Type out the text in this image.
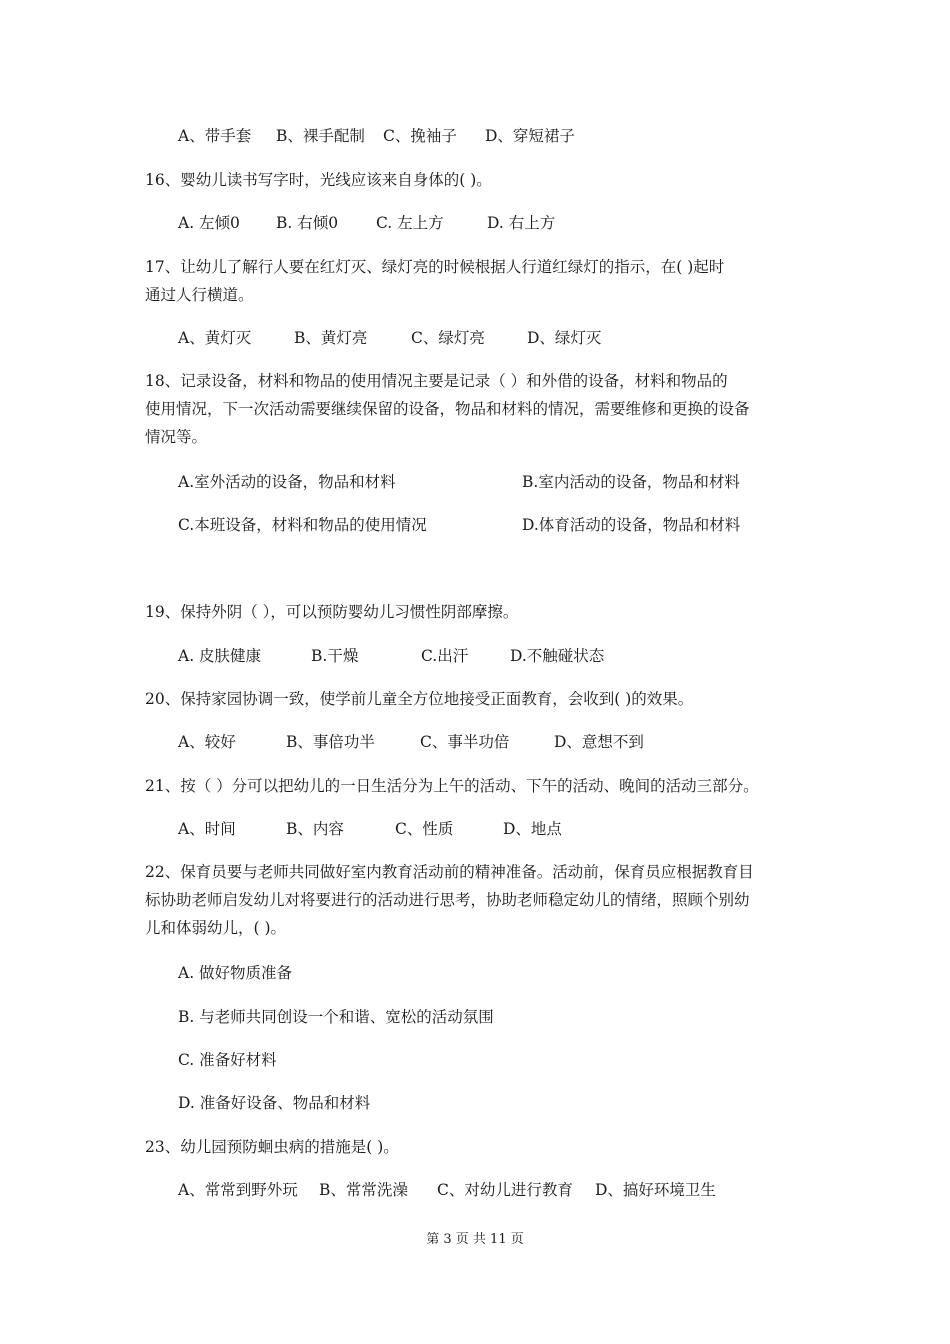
A、带手套 B、裸手配制 C、挽袖子 D、穿短裙子
16、婴幼儿读书写字时，光线应该来自身体的( )。
A. 左倾0 B. 右倾0 C. 左上方	D. 右上方
17、让幼儿了解行人要在红灯灭、绿灯亮的时候根据人行道红绿灯的指示，在( )起时
通过人行横道。
A、黄灯灭	B、黄灯亮	C、绿灯亮	D、绿灯灭
18、记录设备，材料和物品的使用情况主要是记录（ ）和外借的设备，材料和物品的
使用情况，下一次活动需要继续保留的设备，物品和材料的情况，需要维修和更换的设备
情况等。
A.室外活动的设备，物品和材料	B.室内活动的设备，物品和材料
C.本班设备，材料和物品的使用情况	D.体育活动的设备，物品和材料
19、保持外阴（ ），可以预防婴幼儿习惯性阴部摩擦。
A. 皮肤健康	B.干燥	C.出汗	D.不触碰状态
20、保持家园协调一致，使学前儿童全方位地接受正面教育，会收到( )的效果。
A、较好	B、事倍功半	C、事半功倍	D、意想不到
21、按（ ）分可以把幼儿的一日生活分为上午的活动、下午的活动、晚间的活动三部分。
A、时间	B、内容	C、性质	D、地点
22、保育员要与老师共同做好室内教育活动前的精神准备。活动前，保育员应根据教育目
标协助老师启发幼儿对将要进行的活动进行思考，协助老师稳定幼儿的情绪，照顾个别幼
儿和体弱幼儿，( )。
A. 做好物质准备
B. 与老师共同创设一个和谐、宽松的活动氛围
C. 准备好材料
D. 准备好设备、物品和材料
23、幼儿园预防蛔虫病的措施是( )。
A、常常到野外玩 B、常常洗澡 C、对幼儿进行教育 D、搞好环境卫生
第 3 页 共 11 页
